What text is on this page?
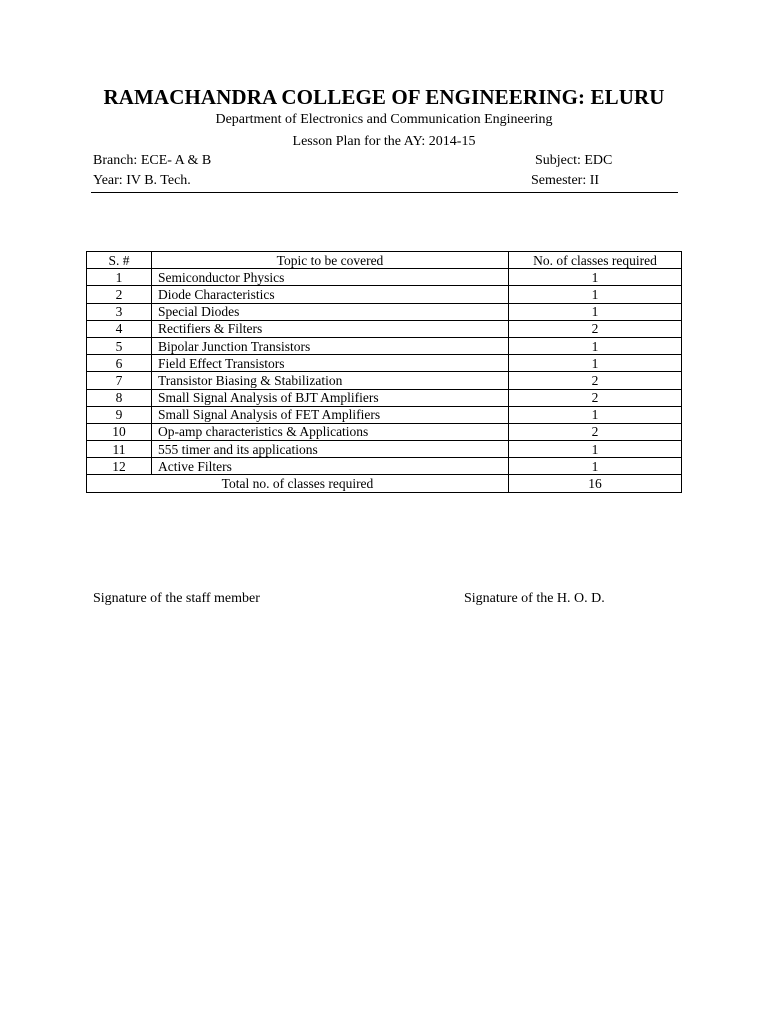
RAMACHANDRA COLLEGE OF ENGINEERING: ELURU
Department of Electronics and Communication Engineering
Lesson Plan for the AY: 2014-15
Branch: ECE- A & B	Subject: EDC
Year: IV B. Tech.	Semester: II
S. #	Topic to be covered	No. of classes required
1	Semiconductor Physics	1
2	Diode Characteristics	1
3	Special Diodes	1
4	Rectifiers & Filters	2
5	Bipolar Junction Transistors	1
6	Field Effect Transistors	1
7	Transistor Biasing & Stabilization	2
8	Small Signal Analysis of BJT Amplifiers	2
9	Small Signal Analysis of FET Amplifiers	1
10	Op-amp characteristics & Applications	2
11	555 timer and its applications	1
12	Active Filters	1
Total no. of classes required		16
Signature of the staff member	Signature of the H. O. D.
